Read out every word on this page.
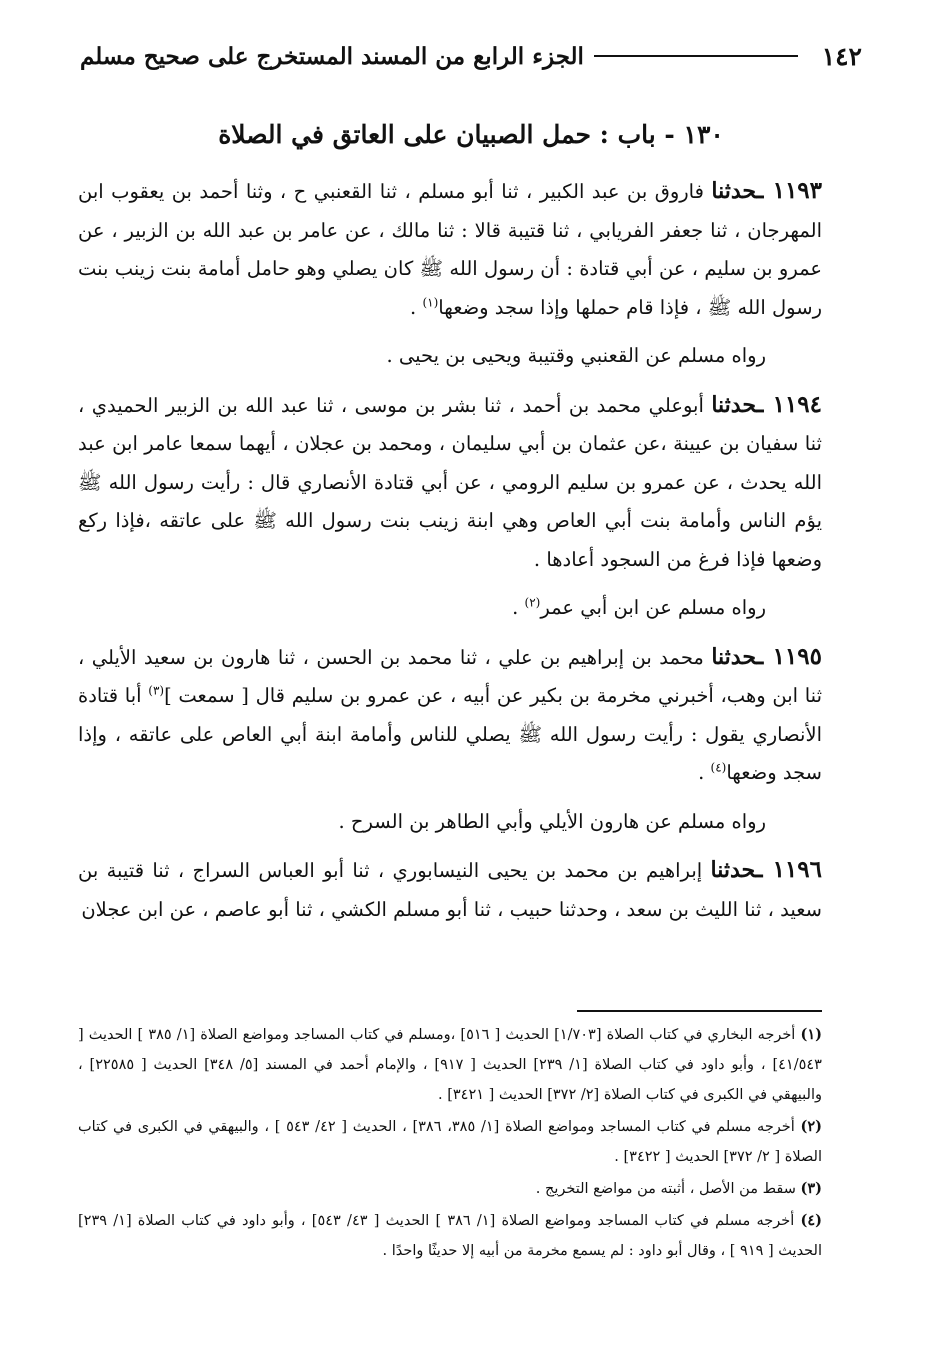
١٤٢
الجزء الرابع من المسند المستخرج على صحيح مسلم
١٣٠ - باب : حمل الصبيان على العاتق في الصلاة

١١٩٣ ـحدثنا فاروق بن عبد الكبير ، ثنا أبو مسلم ، ثنا القعنبي ح ، وثنا أحمد بن يعقوب ابن المهرجان ، ثنا جعفر الفريابي ، ثنا قتيبة قالا : ثنا مالك ، عن عامر بن عبد الله بن الزبير ، عن عمرو بن سليم ، عن أبي قتادة : أن رسول الله ﷺ كان يصلي وهو حامل أمامة بنت زينب بنت رسول الله ﷺ ، فإذا قام حملها وإذا سجد وضعها$^{(١)}$ .

رواه مسلم عن القعنبي وقتيبة ويحيى بن يحيى .

١١٩٤ ـحدثنا أبوعلي محمد بن أحمد ، ثنا بشر بن موسى ، ثنا عبد الله بن الزبير الحميدي ، ثنا سفيان بن عيينة ،عن عثمان بن أبي سليمان ، ومحمد بن عجلان ، أيهما سمعا عامر ابن عبد الله يحدث ، عن عمرو بن سليم الرومي ، عن أبي قتادة الأنصاري قال : رأيت رسول الله ﷺ يؤم الناس وأمامة بنت أبي العاص وهي ابنة زينب بنت رسول الله ﷺ على عاتقه ،فإذا ركع وضعها فإذا فرغ من السجود أعادها .

رواه مسلم عن ابن أبي عمر$^{(٢)}$ .

١١٩٥ ـحدثنا محمد بن إبراهيم بن علي ، ثنا محمد بن الحسن ، ثنا هارون بن سعيد الأيلي ، ثنا ابن وهب، أخبرني مخرمة بن بكير عن أبيه ، عن عمرو بن سليم قال [ سمعت ]$^{(٣)}$ أبا قتادة الأنصاري يقول : رأيت رسول الله ﷺ يصلي للناس وأمامة ابنة أبي العاص على عاتقه ، وإذا سجد وضعها$^{(٤)}$ .

رواه مسلم عن هارون الأيلي وأبي الطاهر بن السرح .

١١٩٦ ـحدثنا إبراهيم بن محمد بن يحيى النيسابوري ، ثنا أبو العباس السراج ، ثنا قتيبة بن سعيد ، ثنا الليث بن سعد ، وحدثنا حبيب ، ثنا أبو مسلم الكشي ، ثنا أبو عاصم ، عن ابن عجلان

(١) أخرجه البخاري في كتاب الصلاة [١/٧٠٣] الحديث [ ٥١٦] ،ومسلم في كتاب المساجد ومواضع الصلاة [١/ ٣٨٥ ] الحديث [ ٤١/٥٤٣] ، وأبو داود في كتاب الصلاة [١/ ٢٣٩] الحديث [ ٩١٧] ، والإمام أحمد في المسند [٥/ ٣٤٨] الحديث [ ٢٢٥٨٥] ، والبيهقي في الكبرى في كتاب الصلاة [٢/ ٣٧٢] الحديث [ ٣٤٢١] .

(٢) أخرجه مسلم في كتاب المساجد ومواضع الصلاة [١/ ٣٨٥، ٣٨٦] ، الحديث [ ٤٢/ ٥٤٣ ] ، والبيهقي في الكبرى في كتاب الصلاة [ ٢/ ٣٧٢] الحديث [ ٣٤٢٢] .

(٣) سقط من الأصل ، أثبته من مواضع التخريج .

(٤) أخرجه مسلم في كتاب المساجد ومواضع الصلاة [١/ ٣٨٦ ] الحديث [ ٤٣/ ٥٤٣] ، وأبو داود في كتاب الصلاة [١/ ٢٣٩] الحديث [ ٩١٩ ] ، وقال أبو داود : لم يسمع مخرمة من أبيه إلا حديثًا واحدًا .
